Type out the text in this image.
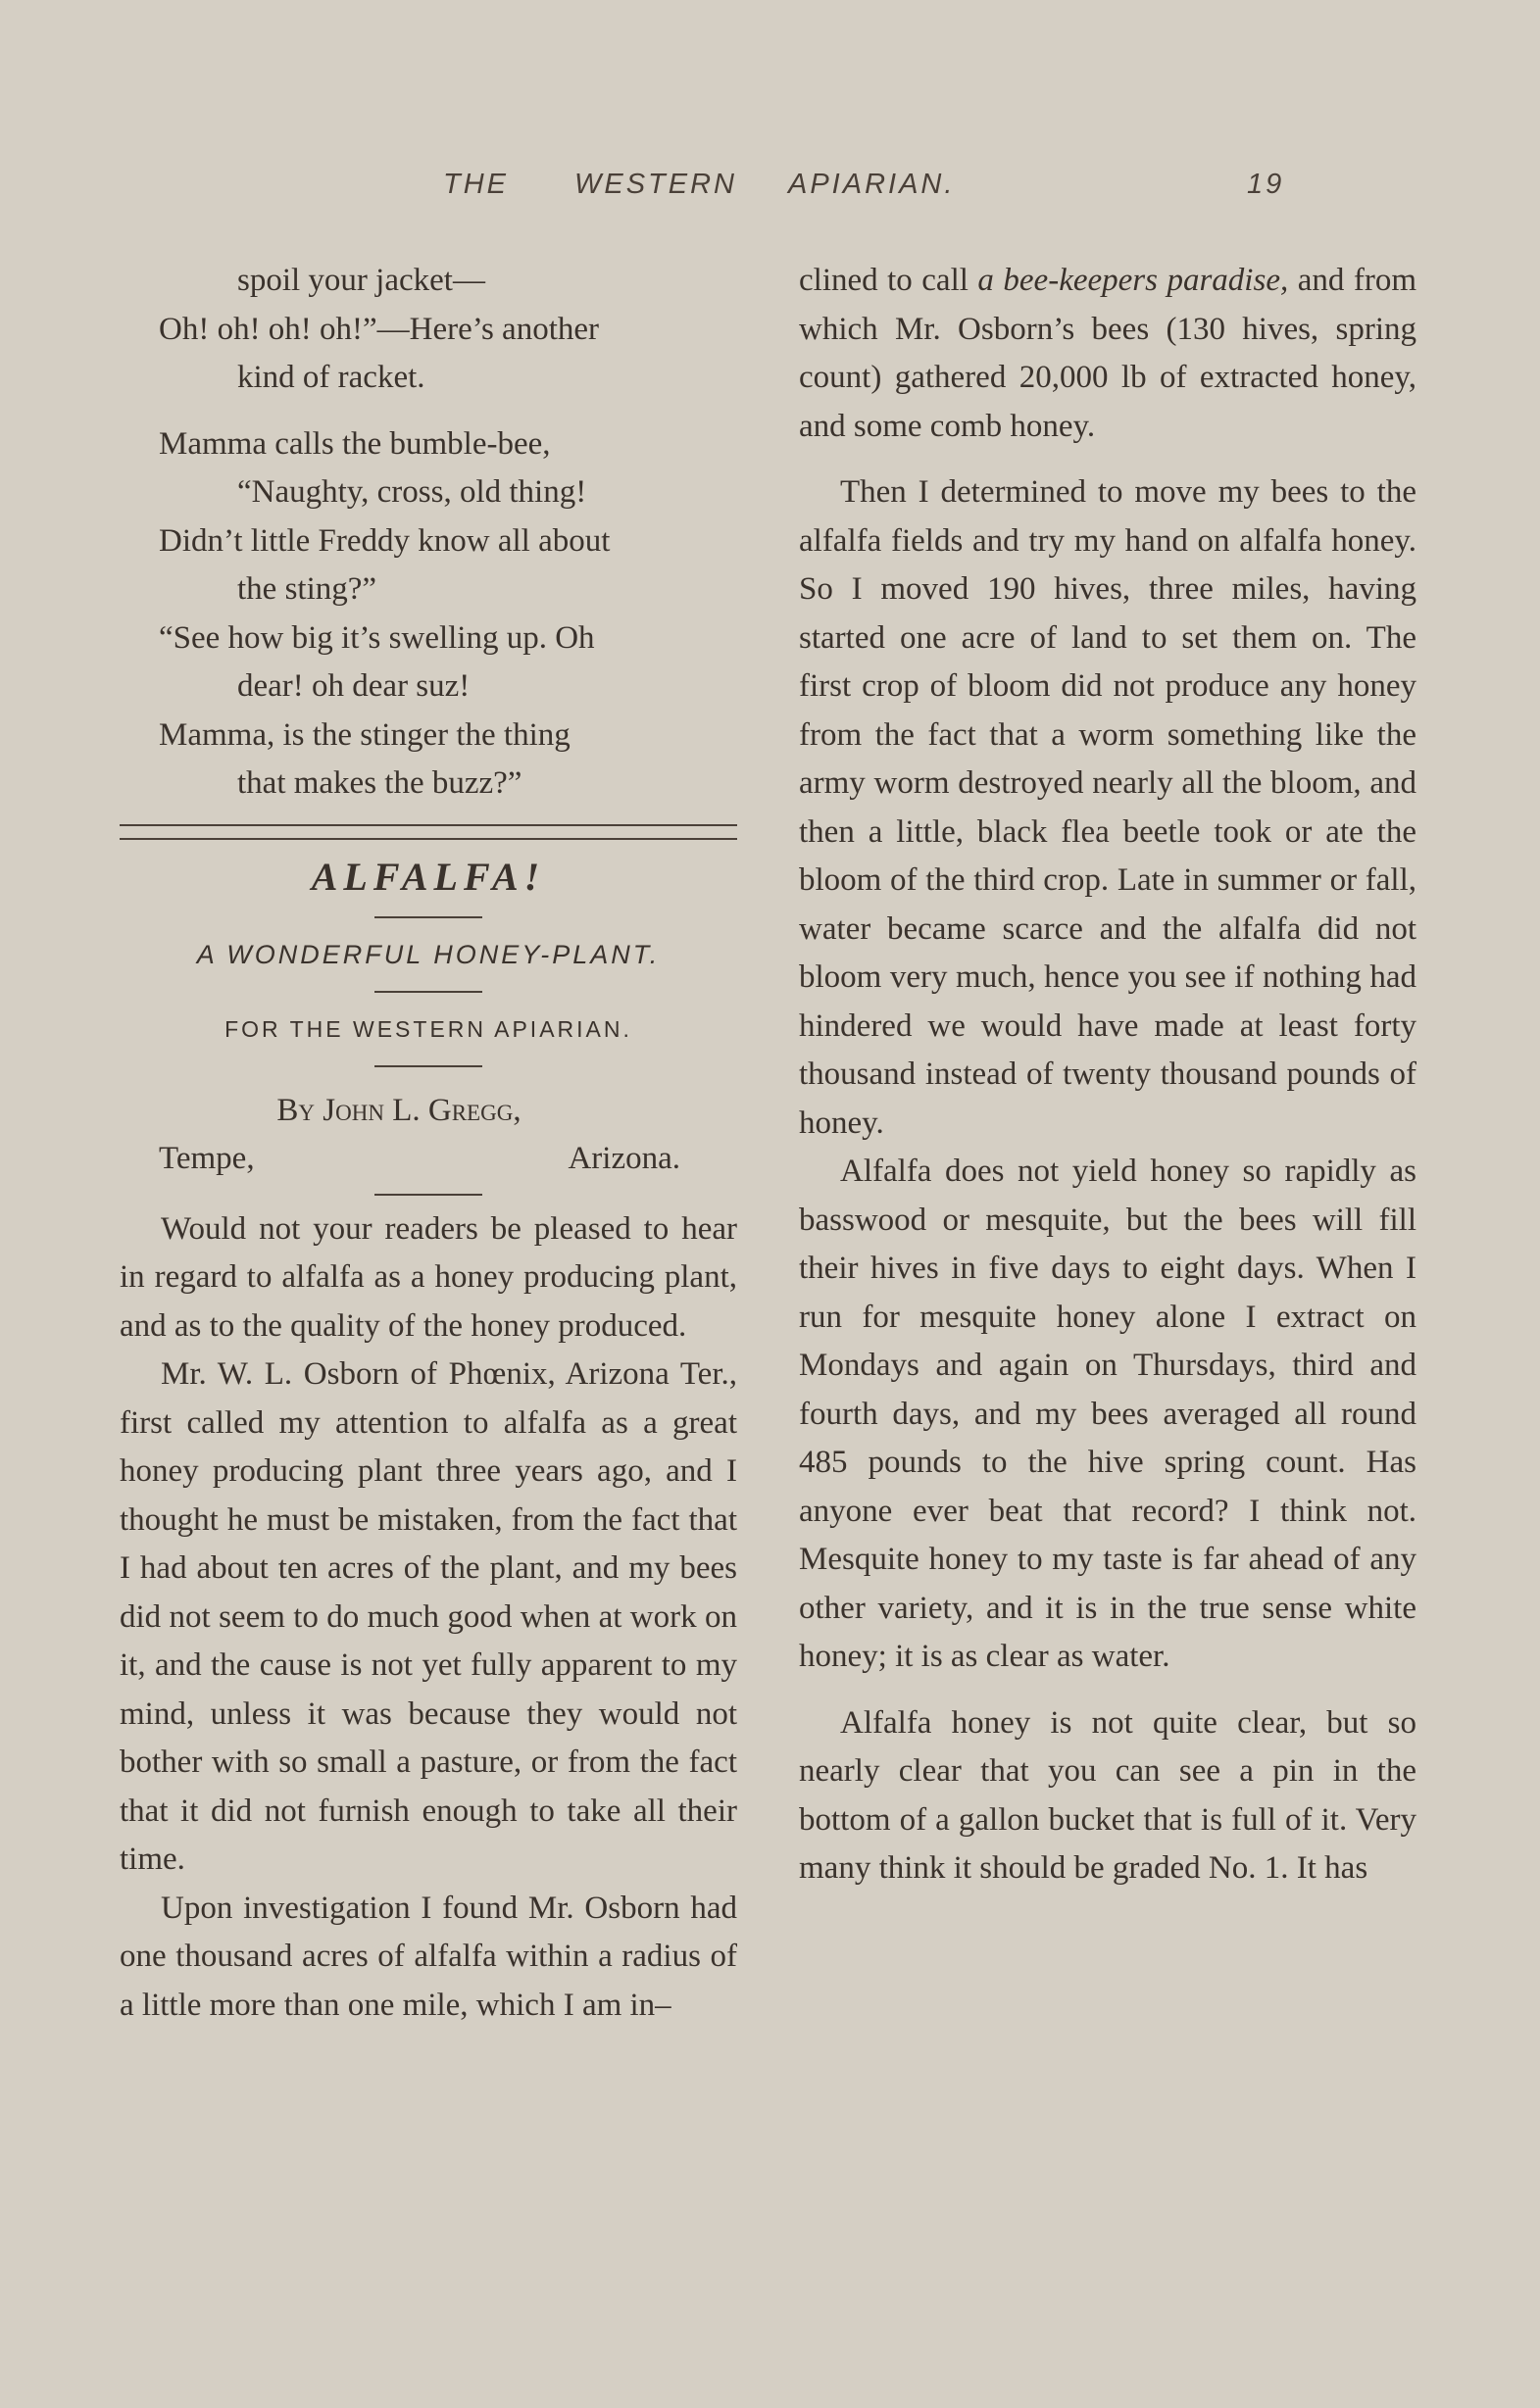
THE WESTERN APIARIAN.	19
spoil your jacket—
Oh! oh! oh! oh!”—Here’s another
kind of racket.
Mamma calls the bumble-bee,
“Naughty, cross, old thing!
Didn’t little Freddy know all about
the sting?”
“See how big it’s swelling up. Oh
dear! oh dear suz!
Mamma, is the stinger the thing
that makes the buzz?”
ALFALFA!
A WONDERFUL HONEY-PLANT.
FOR THE WESTERN APIARIAN.
By John L. Gregg,
Tempe,	Arizona.

Would not your readers be pleased to hear in regard to alfalfa as a honey producing plant, and as to the quality of the honey produced.

Mr. W. L. Osborn of Phœnix, Arizona Ter., first called my attention to alfalfa as a great honey producing plant three years ago, and I thought he must be mistaken, from the fact that I had about ten acres of the plant, and my bees did not seem to do much good when at work on it, and the cause is not yet fully apparent to my mind, unless it was because they would not bother with so small a pasture, or from the fact that it did not furnish enough to take all their time.

Upon investigation I found Mr. Osborn had one thousand acres of alfalfa within a radius of a little more than one mile, which I am in–

clined to call a bee-keepers paradise, and from which Mr. Osborn’s bees (130 hives, spring count) gathered 20,000 lb of extracted honey, and some comb honey.

Then I determined to move my bees to the alfalfa fields and try my hand on alfalfa honey. So I moved 190 hives, three miles, having started one acre of land to set them on. The first crop of bloom did not produce any honey from the fact that a worm something like the army worm destroyed nearly all the bloom, and then a little, black flea beetle took or ate the bloom of the third crop. Late in summer or fall, water became scarce and the alfalfa did not bloom very much, hence you see if nothing had hindered we would have made at least forty thousand instead of twenty thousand pounds of honey.

Alfalfa does not yield honey so rapidly as basswood or mesquite, but the bees will fill their hives in five days to eight days. When I run for mesquite honey alone I extract on Mondays and again on Thursdays, third and fourth days, and my bees averaged all round 485 pounds to the hive spring count. Has anyone ever beat that record? I think not. Mesquite honey to my taste is far ahead of any other variety, and it is in the true sense white honey; it is as clear as water.

Alfalfa honey is not quite clear, but so nearly clear that you can see a pin in the bottom of a gallon bucket that is full of it. Very many think it should be graded No. 1. It has
